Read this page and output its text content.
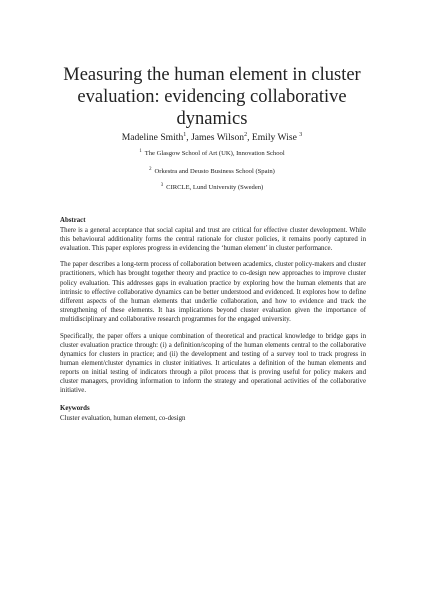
Measuring the human element in cluster evaluation: evidencing collaborative dynamics
Madeline Smith$^1$, James Wilson$^2$, Emily Wise $^3$
$^1$ The Glasgow School of Art (UK), Innovation School
$^2$ Orkestra and Deusto Business School (Spain)
$^3$ CIRCLE, Lund University (Sweden)
Abstract

There is a general acceptance that social capital and trust are critical for effective cluster development. While this behavioural additionality forms the central rationale for cluster policies, it remains poorly captured in evaluation. This paper explores progress in evidencing the ‘human element’ in cluster performance.

The paper describes a long-term process of collaboration between academics, cluster policy-makers and cluster practitioners, which has brought together theory and practice to co-design new approaches to improve cluster policy evaluation. This addresses gaps in evaluation practice by exploring how the human elements that are intrinsic to effective collaborative dynamics can be better understood and evidenced. It explores how to define different aspects of the human elements that underlie collaboration, and how to evidence and track the strengthening of these elements. It has implications beyond cluster evaluation given the importance of multidisciplinary and collaborative research programmes for the engaged university.

Specifically, the paper offers a unique combination of theoretical and practical knowledge to bridge gaps in cluster evaluation practice through: (i) a definition/scoping of the human elements central to the collaborative dynamics for clusters in practice; and (ii) the development and testing of a survey tool to track progress in human element/cluster dynamics in cluster initiatives. It articulates a definition of the human elements and reports on initial testing of indicators through a pilot process that is proving useful for policy makers and cluster managers, providing information to inform the strategy and operational activities of the collaborative initiative.

Keywords

Cluster evaluation, human element, co-design
